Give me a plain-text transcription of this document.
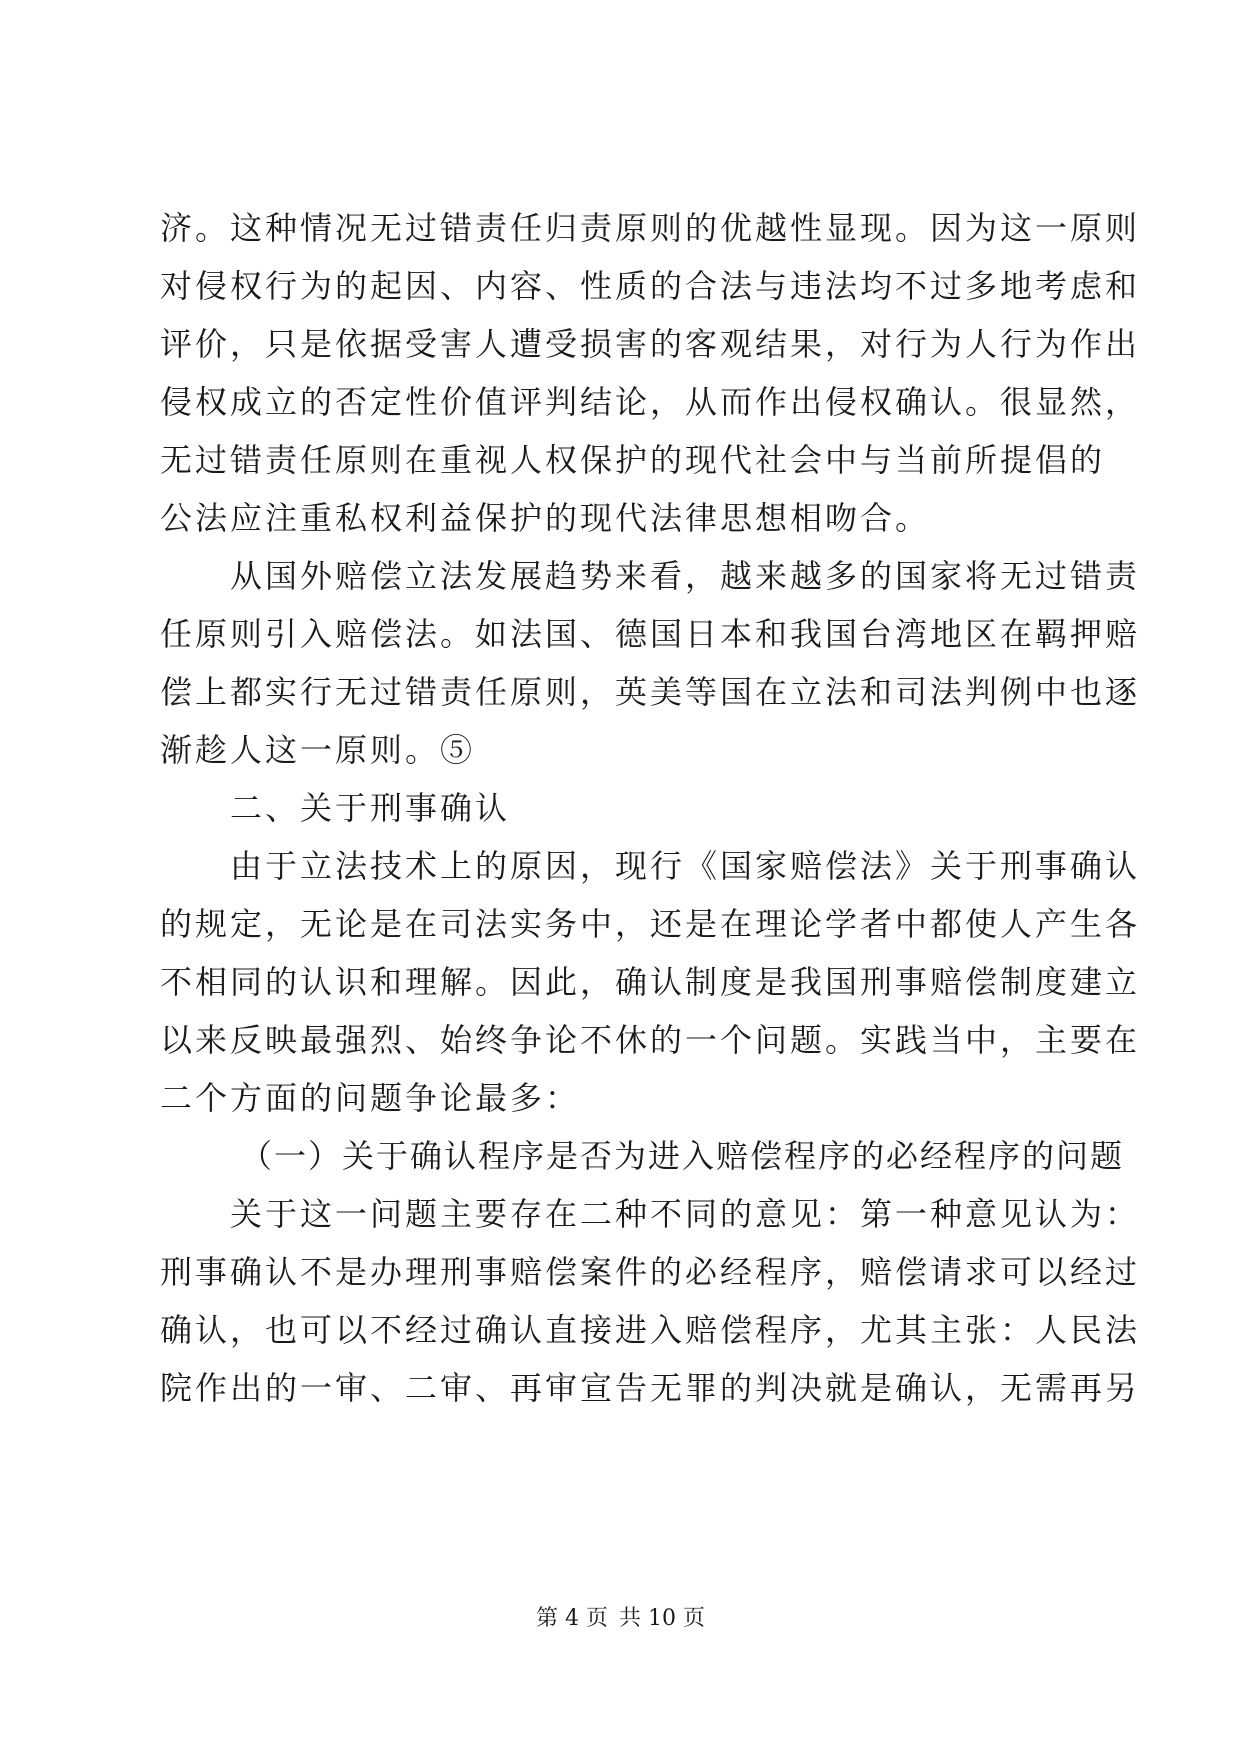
济。这种情况无过错责任归责原则的优越性显现。因为这一原则
对侵权行为的起因、内容、性质的合法与违法均不过多地考虑和
评价，只是依据受害人遭受损害的客观结果，对行为人行为作出
侵权成立的否定性价值评判结论，从而作出侵权确认。很显然，
无过错责任原则在重视人权保护的现代社会中与当前所提倡的
公法应注重私权利益保护的现代法律思想相吻合。
从国外赔偿立法发展趋势来看，越来越多的国家将无过错责
任原则引入赔偿法。如法国、德国日本和我国台湾地区在羁押赔
偿上都实行无过错责任原则，英美等国在立法和司法判例中也逐
渐趁人这一原则。⑤
二、关于刑事确认
由于立法技术上的原因，现行《国家赔偿法》关于刑事确认
的规定，无论是在司法实务中，还是在理论学者中都使人产生各
不相同的认识和理解。因此，确认制度是我国刑事赔偿制度建立
以来反映最强烈、始终争论不休的一个问题。实践当中，主要在
二个方面的问题争论最多：
（一）关于确认程序是否为进入赔偿程序的必经程序的问题
关于这一问题主要存在二种不同的意见：第一种意见认为：
刑事确认不是办理刑事赔偿案件的必经程序，赔偿请求可以经过
确认，也可以不经过确认直接进入赔偿程序，尤其主张：人民法
院作出的一审、二审、再审宣告无罪的判决就是确认，无需再另
第 4 页 共 10 页
